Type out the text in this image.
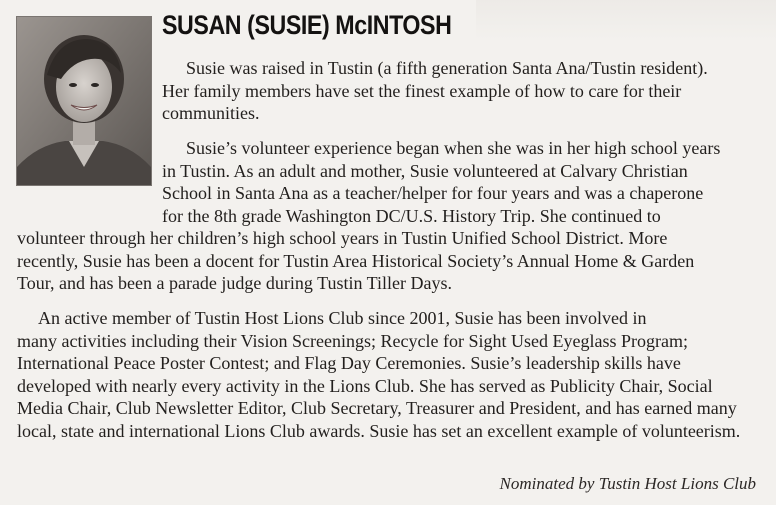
SUSAN (SUSIE) McINTOSH
Susie was raised in Tustin (a fifth generation Santa Ana/Tustin resident).
Her family members have set the finest example of how to care for their
communities.
Susie’s volunteer experience began when she was in her high school years
in Tustin. As an adult and mother, Susie volunteered at Calvary Christian
School in Santa Ana as a teacher/helper for four years and was a chaperone
for the 8th grade Washington DC/U.S. History Trip. She continued to
volunteer through her children’s high school years in Tustin Unified School District. More
recently, Susie has been a docent for Tustin Area Historical Society’s Annual Home & Garden
Tour, and has been a parade judge during Tustin Tiller Days.
An active member of Tustin Host Lions Club since 2001, Susie has been involved in
many activities including their Vision Screenings; Recycle for Sight Used Eyeglass Program;
International Peace Poster Contest; and Flag Day Ceremonies. Susie’s leadership skills have
developed with nearly every activity in the Lions Club. She has served as Publicity Chair, Social
Media Chair, Club Newsletter Editor, Club Secretary, Treasurer and President, and has earned many
local, state and international Lions Club awards. Susie has set an excellent example of volunteerism.
Nominated by Tustin Host Lions Club
